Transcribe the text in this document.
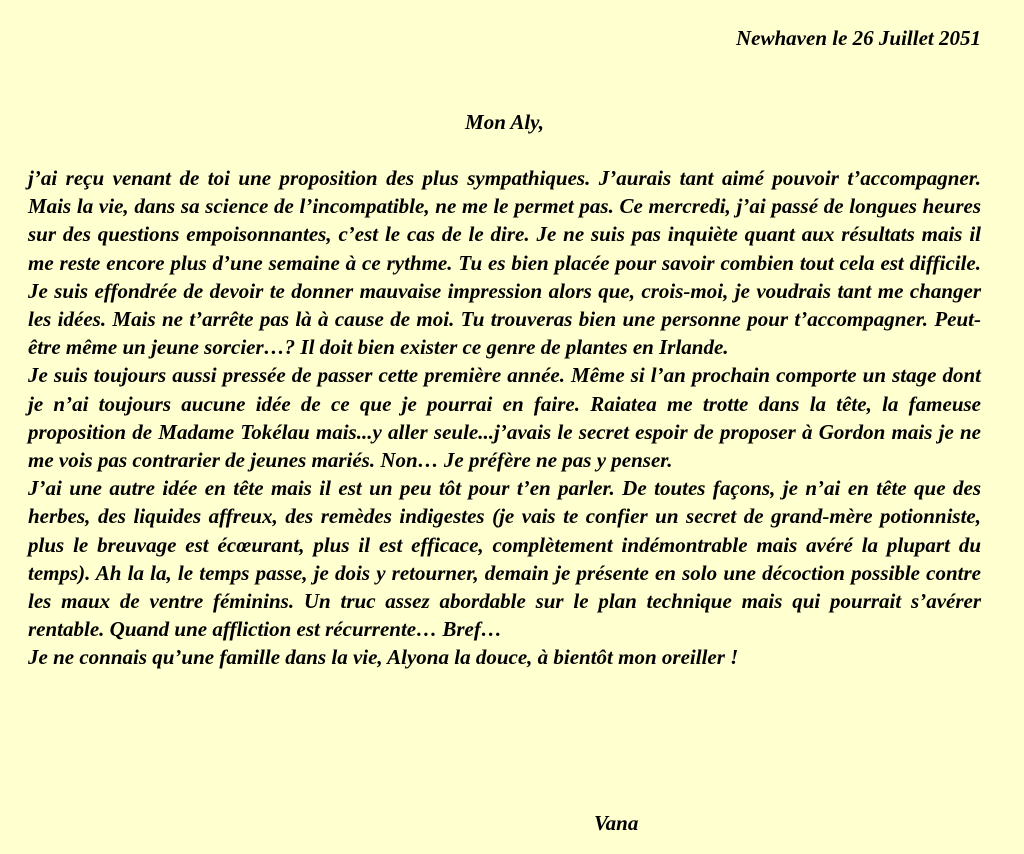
Newhaven le 26 Juillet 2051
Mon Aly,

j’ai reçu venant de toi une proposition des plus sympathiques. J’aurais tant aimé pouvoir t’accompagner. Mais la vie, dans sa science de l’incompatible, ne me le permet pas. Ce mercredi, j’ai passé de longues heures sur des questions empoisonnantes, c’est le cas de le dire. Je ne suis pas inquiète quant aux résultats mais il me reste encore plus d’une semaine à ce rythme. Tu es bien placée pour savoir combien tout cela est difficile. Je suis effondrée de devoir te donner mauvaise impression alors que, crois-moi, je voudrais tant me changer les idées. Mais ne t’arrête pas là à cause de moi. Tu trouveras bien une personne pour t’accompagner. Peut-être même un jeune sorcier…? Il doit bien exister ce genre de plantes en Irlande.

Je suis toujours aussi pressée de passer cette première année. Même si l’an prochain comporte un stage dont je n’ai toujours aucune idée de ce que je pourrai en faire. Raiatea me trotte dans la tête, la fameuse proposition de Madame Tokélau mais...y aller seule...j’avais le secret espoir de proposer à Gordon mais je ne me vois pas contrarier de jeunes mariés. Non… Je préfère ne pas y penser.

J’ai une autre idée en tête mais il est un peu tôt pour t’en parler. De toutes façons, je n’ai en tête que des herbes, des liquides affreux, des remèdes indigestes (je vais te confier un secret de grand-mère potionniste, plus le breuvage est écœurant, plus il est efficace, complètement indémontrable mais avéré la plupart du temps). Ah la la, le temps passe, je dois y retourner, demain je présente en solo une décoction possible contre les maux de ventre féminins. Un truc assez abordable sur le plan technique mais qui pourrait s’avérer rentable. Quand une affliction est récurrente… Bref…

Je ne connais qu’une famille dans la vie, Alyona la douce, à bientôt mon oreiller !

Vana
